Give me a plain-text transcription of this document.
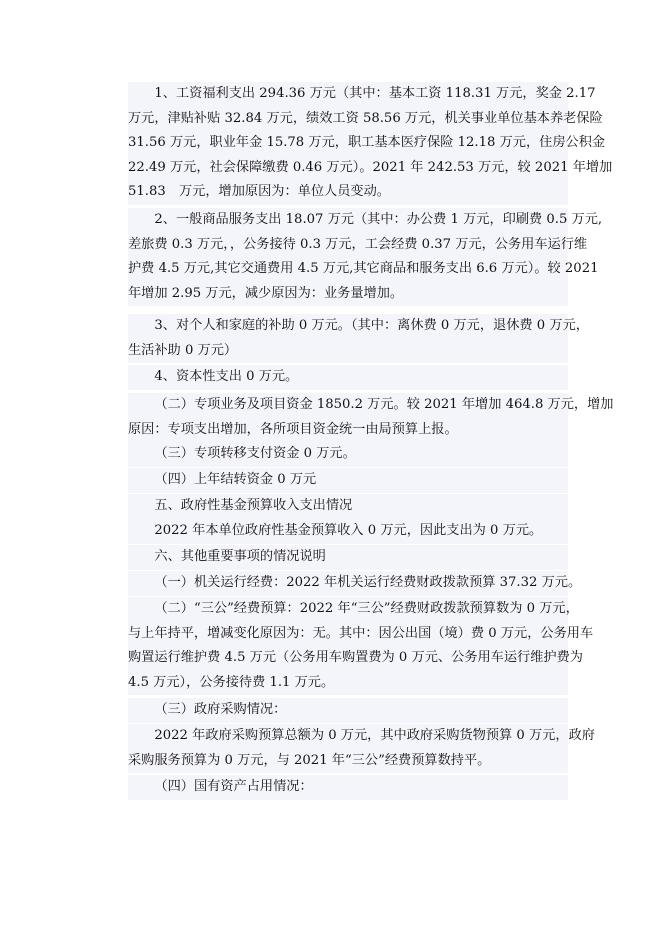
1、工资福利支出 294.36 万元（其中：基本工资 118.31 万元，奖金 2.17
万元，津贴补贴 32.84 万元，绩效工资 58.56 万元，机关事业单位基本养老保险
31.56 万元，职业年金 15.78 万元，职工基本医疗保险 12.18 万元，住房公积金
22.49 万元，社会保障缴费 0.46 万元）。2021 年 242.53 万元，较 2021 年增加
51.83　万元，增加原因为：单位人员变动。
2、一般商品服务支出 18.07 万元（其中：办公费 1 万元，印刷费 0.5 万元,
差旅费 0.3 万元，，公务接待 0.3 万元，工会经费 0.37 万元，公务用车运行维
护费 4.5 万元,其它交通费用 4.5 万元,其它商品和服务支出 6.6 万元）。较 2021
年增加 2.95 万元，减少原因为：业务量增加。
3、对个人和家庭的补助 0 万元。（其中：离休费 0 万元，退休费 0 万元，
生活补助 0 万元）
4、资本性支出 0 万元。
（二）专项业务及项目资金 1850.2 万元。较 2021 年增加 464.8 万元，增加
原因：专项支出增加，各所项目资金统一由局预算上报。
（三）专项转移支付资金 0 万元。
（四）上年结转资金 0 万元
五、政府性基金预算收入支出情况
2022 年本单位政府性基金预算收入 0 万元，因此支出为 0 万元。
六、其他重要事项的情况说明
（一）机关运行经费：2022 年机关运行经费财政拨款预算 37.32 万元。
（二）“三公”经费预算：2022 年“三公”经费财政拨款预算数为 0 万元，
与上年持平，增减变化原因为：无。其中：因公出国（境）费 0 万元，公务用车
购置运行维护费 4.5 万元（公务用车购置费为 0 万元、公务用车运行维护费为
4.5 万元），公务接待费 1.1 万元。
（三）政府采购情况：
2022 年政府采购预算总额为 0 万元，其中政府采购货物预算 0 万元，政府
采购服务预算为 0 万元，与 2021 年“三公”经费预算数持平。
（四）国有资产占用情况：
